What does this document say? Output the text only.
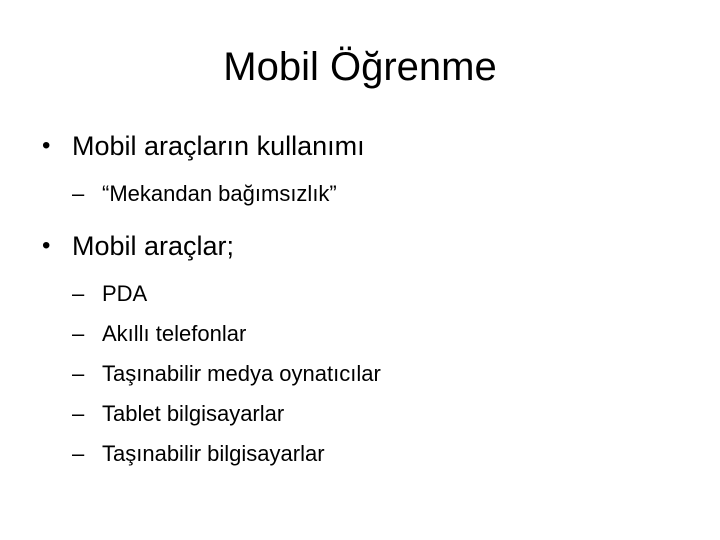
Mobil Öğrenme
• Mobil araçların kullanımı
– “Mekandan bağımsızlık”
• Mobil araçlar;
– PDA
– Akıllı telefonlar
– Taşınabilir medya oynatıcılar
– Tablet bilgisayarlar
– Taşınabilir bilgisayarlar
